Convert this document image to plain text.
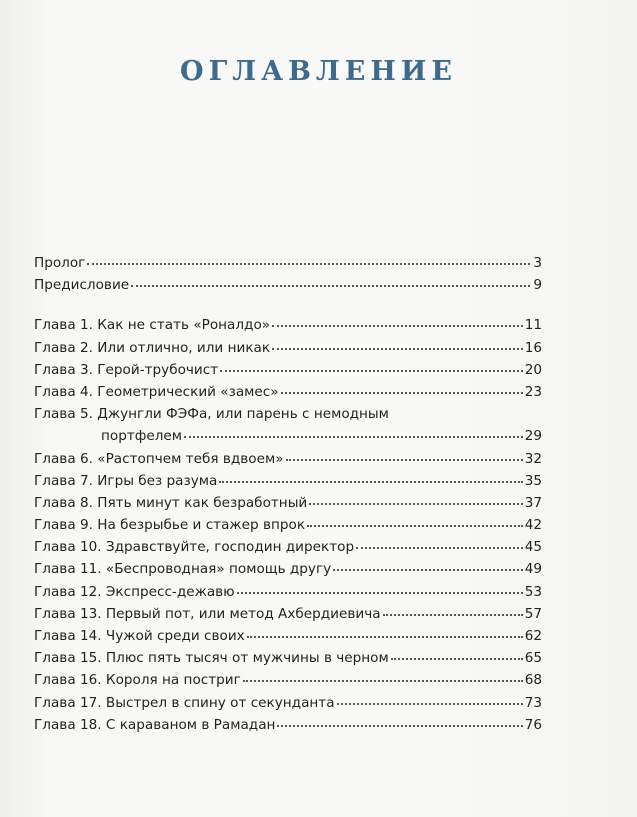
ОГЛАВЛЕНИЕ
Пролог	3
Предисловие	9
Глава 1. Как не стать «Роналдо»	11
Глава 2. Или отлично, или никак	16
Глава 3. Герой-трубочист	20
Глава 4. Геометрический «замес»	23
Глава 5. Джунгли ФЭФа, или парень с немодным
портфелем	29
Глава 6. «Растопчем тебя вдвоем»	32
Глава 7. Игры без разума	35
Глава 8. Пять минут как безработный	37
Глава 9. На безрыбье и стажер впрок	42
Глава 10. Здравствуйте, господин директор	45
Глава 11. «Беспроводная» помощь другу	49
Глава 12. Экспресс-дежавю	53
Глава 13. Первый пот, или метод Ахбердиевича	57
Глава 14. Чужой среди своих	62
Глава 15. Плюс пять тысяч от мужчины в черном	65
Глава 16. Короля на постриг	68
Глава 17. Выстрел в спину от секунданта	73
Глава 18. С караваном в Рамадан	76
